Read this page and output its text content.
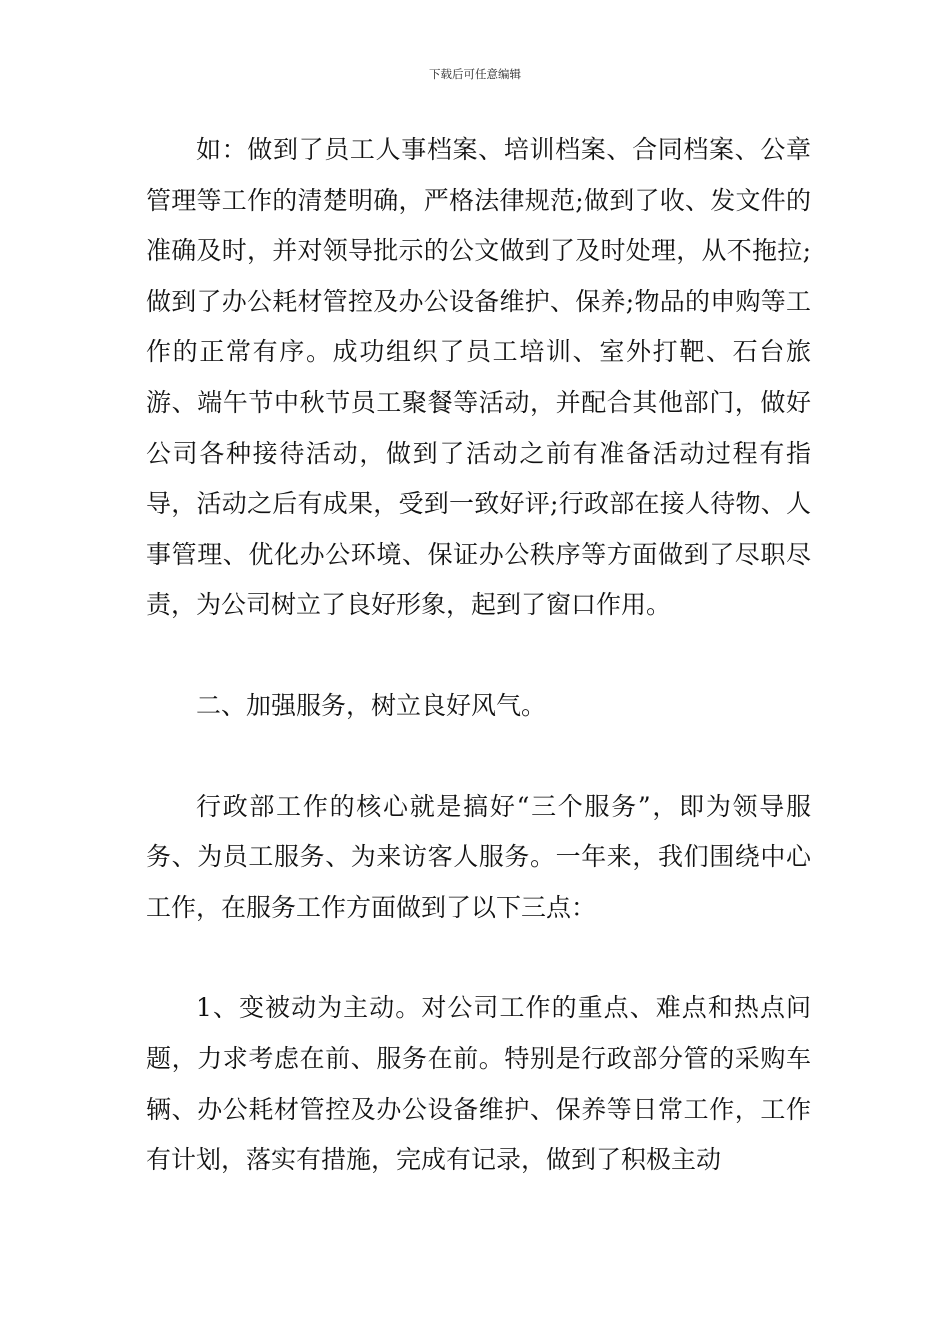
下载后可任意编辑

如：做到了员工人事档案、培训档案、合同档案、公章管理等工作的清楚明确，严格法律规范;做到了收、发文件的准确及时，并对领导批示的公文做到了及时处理，从不拖拉;做到了办公耗材管控及办公设备维护、保养;物品的申购等工作的正常有序。成功组织了员工培训、室外打靶、石台旅游、端午节中秋节员工聚餐等活动，并配合其他部门，做好公司各种接待活动，做到了活动之前有准备活动过程有指导，活动之后有成果，受到一致好评;行政部在接人待物、人事管理、优化办公环境、保证办公秩序等方面做到了尽职尽责，为公司树立了良好形象，起到了窗口作用。

二、加强服务，树立良好风气。

行政部工作的核心就是搞好“三个服务”，即为领导服务、为员工服务、为来访客人服务。一年来，我们围绕中心工作，在服务工作方面做到了以下三点：

1、变被动为主动。对公司工作的重点、难点和热点问题，力求考虑在前、服务在前。特别是行政部分管的采购车辆、办公耗材管控及办公设备维护、保养等日常工作，工作有计划，落实有措施，完成有记录，做到了积极主动
